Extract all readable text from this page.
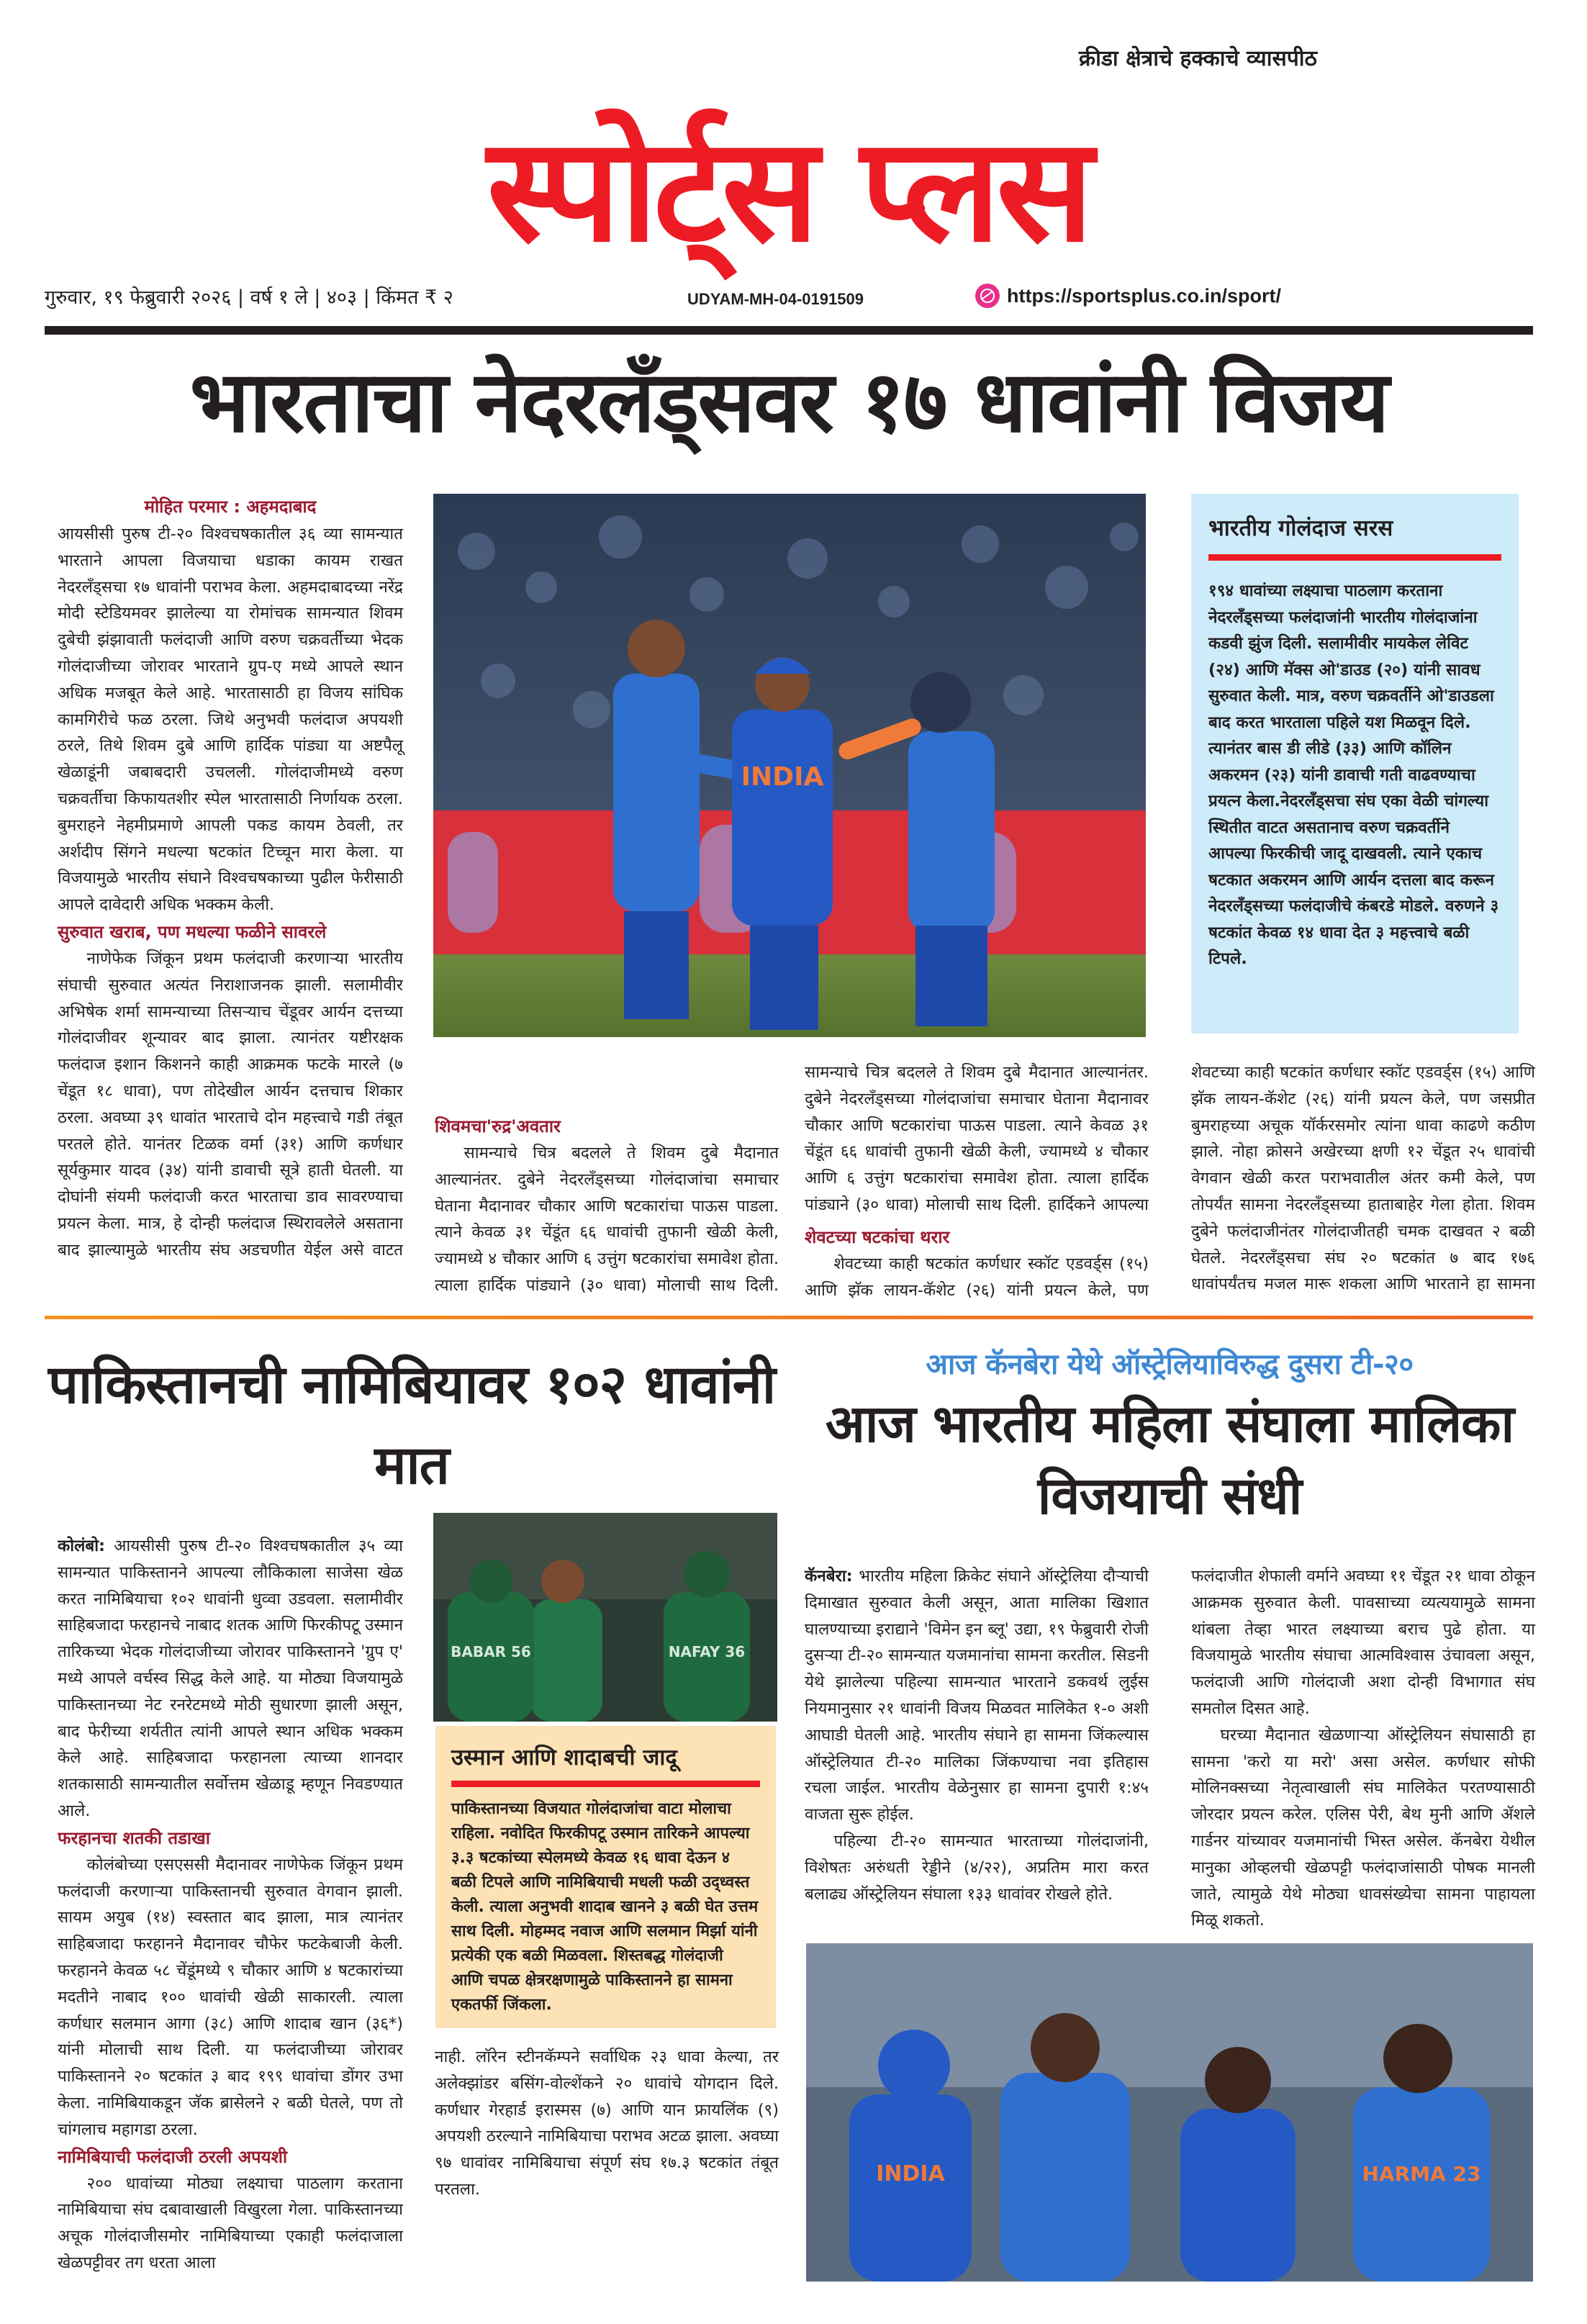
क्रीडा क्षेत्राचे हक्काचे व्यासपीठ
स्पोर्ट्स प्लस
गुरुवार, १९ फेब्रुवारी २०२६ | वर्ष १ ले | ४०३ | किंमत ₹ २	UDYAM-MH-04-0191509	https://sportsplus.co.in/sport/
भारताचा नेदरलँड्सवर १७ धावांनी विजय
मोहित परमार : अहमदाबाद

आयसीसी पुरुष टी-२० विश्वचषकातील ३६ व्या सामन्यात भारताने आपला विजयाचा धडाका कायम राखत नेदरलँड्सचा १७ धावांनी पराभव केला. अहमदाबादच्या नरेंद्र मोदी स्टेडियमवर झालेल्या या रोमांचक सामन्यात शिवम दुबेची झंझावाती फलंदाजी आणि वरुण चक्रवर्तीच्या भेदक गोलंदाजीच्या जोरावर भारताने ग्रुप-ए मध्ये आपले स्थान अधिक मजबूत केले आहे. भारतासाठी हा विजय सांघिक कामगिरीचे फळ ठरला. जिथे अनुभवी फलंदाज अपयशी ठरले, तिथे शिवम दुबे आणि हार्दिक पांड्या या अष्टपैलू खेळाडूंनी जबाबदारी उचलली. गोलंदाजीमध्ये वरुण चक्रवर्तीचा किफायतशीर स्पेल भारतासाठी निर्णायक ठरला. बुमराहने नेहमीप्रमाणे आपली पकड कायम ठेवली, तर अर्शदीप सिंगने मधल्या षटकांत टिच्चून मारा केला. या विजयामुळे भारतीय संघाने विश्वचषकाच्या पुढील फेरीसाठी आपले दावेदारी अधिक भक्कम केली.

सुरुवात खराब, पण मधल्या फळीने सावरले

नाणेफेक जिंकून प्रथम फलंदाजी करणाऱ्या भारतीय संघाची सुरुवात अत्यंत निराशाजनक झाली. सलामीवीर अभिषेक शर्मा सामन्याच्या तिसऱ्याच चेंडूवर आर्यन दत्तच्या गोलंदाजीवर शून्यावर बाद झाला. त्यानंतर यष्टीरक्षक फलंदाज इशान किशनने काही आक्रमक फटके मारले (७ चेंडूत १८ धावा), पण तोदेखील आर्यन दत्तचाच शिकार ठरला. अवघ्या ३९ धावांत भारताचे दोन महत्त्वाचे गडी तंबूत परतले होते. यानंतर टिळक वर्मा (३१) आणि कर्णधार सूर्यकुमार यादव (३४) यांनी डावाची सूत्रे हाती घेतली. या दोघांनी संयमी फलंदाजी करत भारताचा डाव सावरण्याचा प्रयत्न केला. मात्र, हे दोन्ही फलंदाज स्थिरावलेले असताना बाद झाल्यामुळे भारतीय संघ अडचणीत येईल असे वाटत

INDIA
भारतीय गोलंदाज सरस
१९४ धावांच्या लक्ष्याचा पाठलाग करताना नेदरलँड्सच्या फलंदाजांनी भारतीय गोलंदाजांना कडवी झुंज दिली. सलामीवीर मायकेल लेविट (२४) आणि मॅक्स ओ'डाउड (२०) यांनी सावध सुरुवात केली. मात्र, वरुण चक्रवर्तीने ओ'डाउडला बाद करत भारताला पहिले यश मिळवून दिले. त्यानंतर बास डी लीडे (३३) आणि कॉलिन अकरमन (२३) यांनी डावाची गती वाढवण्याचा प्रयत्न केला.नेदरलँड्सचा संघ एका वेळी चांगल्या स्थितीत वाटत असतानाच वरुण चक्रवर्तीने आपल्या फिरकीची जादू दाखवली. त्याने एकाच षटकात अकरमन आणि आर्यन दत्तला बाद करून नेदरलँड्सच्या फलंदाजीचे कंबरडे मोडले. वरुणने ३ षटकांत केवळ १४ धावा देत ३ महत्त्वाचे बळी टिपले.
शिवमचा'रुद्र'अवतार

सामन्याचे चित्र बदलले ते शिवम दुबे मैदानात आल्यानंतर. दुबेने नेदरलँड्सच्या गोलंदाजांचा समाचार घेताना मैदानावर चौकार आणि षटकारांचा पाऊस पाडला. त्याने केवळ ३१ चेंडूंत ६६ धावांची तुफानी खेळी केली, ज्यामध्ये ४ चौकार आणि ६ उत्तुंग षटकारांचा समावेश होता. त्याला हार्दिक पांड्याने (३० धावा) मोलाची साथ दिली.

सामन्याचे चित्र बदलले ते शिवम दुबे मैदानात आल्यानंतर. दुबेने नेदरलँड्सच्या गोलंदाजांचा समाचार घेताना मैदानावर चौकार आणि षटकारांचा पाऊस पाडला. त्याने केवळ ३१ चेंडूंत ६६ धावांची तुफानी खेळी केली, ज्यामध्ये ४ चौकार आणि ६ उत्तुंग षटकारांचा समावेश होता. त्याला हार्दिक पांड्याने (३० धावा) मोलाची साथ दिली. हार्दिकने आपल्या

शेवटच्या षटकांचा थरार

शेवटच्या काही षटकांत कर्णधार स्कॉट एडवर्ड्स (१५) आणि झॅक लायन-कॅशेट (२६) यांनी प्रयत्न केले, पण

शेवटच्या काही षटकांत कर्णधार स्कॉट एडवर्ड्स (१५) आणि झॅक लायन-कॅशेट (२६) यांनी प्रयत्न केले, पण जसप्रीत बुमराहच्या अचूक यॉर्करसमोर त्यांना धावा काढणे कठीण झाले. नोहा क्रोसने अखेरच्या क्षणी १२ चेंडूत २५ धावांची वेगवान खेळी करत पराभवातील अंतर कमी केले, पण तोपर्यंत सामना नेदरलँड्सच्या हाताबाहेर गेला होता. शिवम दुबेने फलंदाजीनंतर गोलंदाजीतही चमक दाखवत २ बळी घेतले. नेदरलँड्सचा संघ २० षटकांत ७ बाद १७६ धावांपर्यंतच मजल मारू शकला आणि भारताने हा सामना

पाकिस्तानची नामिबियावर १०२ धावांनी मात

कोलंबो: आयसीसी पुरुष टी-२० विश्वचषकातील ३५ व्या सामन्यात पाकिस्तानने आपल्या लौकिकाला साजेसा खेळ करत नामिबियाचा १०२ धावांनी धुव्वा उडवला. सलामीवीर साहिबजादा फरहानचे नाबाद शतक आणि फिरकीपटू उस्मान तारिकच्या भेदक गोलंदाजीच्या जोरावर पाकिस्तानने 'ग्रुप ए' मध्ये आपले वर्चस्व सिद्ध केले आहे. या मोठ्या विजयामुळे पाकिस्तानच्या नेट रनरेटमध्ये मोठी सुधारणा झाली असून, बाद फेरीच्या शर्यतीत त्यांनी आपले स्थान अधिक भक्कम केले आहे. साहिबजादा फरहानला त्याच्या शानदार शतकासाठी सामन्यातील सर्वोत्तम खेळाडू म्हणून निवडण्यात आले.

फरहानचा शतकी तडाखा

कोलंबोच्या एसएससी मैदानावर नाणेफेक जिंकून प्रथम फलंदाजी करणाऱ्या पाकिस्तानची सुरुवात वेगवान झाली. सायम अयुब (१४) स्वस्तात बाद झाला, मात्र त्यानंतर साहिबजादा फरहानने मैदानावर चौफेर फटकेबाजी केली. फरहानने केवळ ५८ चेंडूंमध्ये ९ चौकार आणि ४ षटकारांच्या मदतीने नाबाद १०० धावांची खेळी साकारली. त्याला कर्णधार सलमान आगा (३८) आणि शादाब खान (३६*) यांनी मोलाची साथ दिली. या फलंदाजीच्या जोरावर पाकिस्तानने २० षटकांत ३ बाद १९९ धावांचा डोंगर उभा केला. नामिबियाकडून जॅक ब्रासेलने २ बळी घेतले, पण तो चांगलाच महागडा ठरला.

नामिबियाची फलंदाजी ठरली अपयशी

२०० धावांच्या मोठ्या लक्ष्याचा पाठलाग करताना नामिबियाचा संघ दबावाखाली विखुरला गेला. पाकिस्तानच्या अचूक गोलंदाजीसमोर नामिबियाच्या एकाही फलंदाजाला खेळपट्टीवर तग धरता आला

BABAR 56	NAFAY 36
उस्मान आणि शादाबची जादू
पाकिस्तानच्या विजयात गोलंदाजांचा वाटा मोलाचा राहिला. नवोदित फिरकीपटू उस्मान तारिकने आपल्या ३.३ षटकांच्या स्पेलमध्ये केवळ १६ धावा देऊन ४ बळी टिपले आणि नामिबियाची मधली फळी उद्ध्वस्त केली. त्याला अनुभवी शादाब खानने ३ बळी घेत उत्तम साथ दिली. मोहम्मद नवाज आणि सलमान मिर्झा यांनी प्रत्येकी एक बळी मिळवला. शिस्तबद्ध गोलंदाजी आणि चपळ क्षेत्ररक्षणामुळे पाकिस्तानने हा सामना एकतर्फी जिंकला.

नाही. लॉरेन स्टीनकॅम्पने सर्वाधिक २३ धावा केल्या, तर अलेक्झांडर बसिंग-वोल्शेंकने २० धावांचे योगदान दिले. कर्णधार गेरहार्ड इरास्मस (७) आणि यान फ्रायलिंक (९) अपयशी ठरल्याने नामिबियाचा पराभव अटळ झाला. अवघ्या ९७ धावांवर नामिबियाचा संपूर्ण संघ १७.३ षटकांत तंबूत परतला.

आज कॅनबेरा येथे ऑस्ट्रेलियाविरुद्ध दुसरा टी-२०
आज भारतीय महिला संघाला मालिका विजयाची संधी

कॅनबेरा: भारतीय महिला क्रिकेट संघाने ऑस्ट्रेलिया दौऱ्याची दिमाखात सुरुवात केली असून, आता मालिका खिशात घालण्याच्या इराद्याने 'विमेन इन ब्लू' उद्या, १९ फेब्रुवारी रोजी दुसऱ्या टी-२० सामन्यात यजमानांचा सामना करतील. सिडनी येथे झालेल्या पहिल्या सामन्यात भारताने डकवर्थ लुईस नियमानुसार २१ धावांनी विजय मिळवत मालिकेत १-० अशी आघाडी घेतली आहे. भारतीय संघाने हा सामना जिंकल्यास ऑस्ट्रेलियात टी-२० मालिका जिंकण्याचा नवा इतिहास रचला जाईल. भारतीय वेळेनुसार हा सामना दुपारी १:४५ वाजता सुरू होईल.

पहिल्या टी-२० सामन्यात भारताच्या गोलंदाजांनी, विशेषतः अरुंधती रेड्डीने (४/२२), अप्रतिम मारा करत बलाढ्य ऑस्ट्रेलियन संघाला १३३ धावांवर रोखले होते.

फलंदाजीत शेफाली वर्माने अवघ्या ११ चेंडूत २१ धावा ठोकून आक्रमक सुरुवात केली. पावसाच्या व्यत्ययामुळे सामना थांबला तेव्हा भारत लक्ष्याच्या बराच पुढे होता. या विजयामुळे भारतीय संघाचा आत्मविश्वास उंचावला असून, फलंदाजी आणि गोलंदाजी अशा दोन्ही विभागात संघ समतोल दिसत आहे.

घरच्या मैदानात खेळणाऱ्या ऑस्ट्रेलियन संघासाठी हा सामना 'करो या मरो' असा असेल. कर्णधार सोफी मोलिनक्सच्या नेतृत्वाखाली संघ मालिकेत परतण्यासाठी जोरदार प्रयत्न करेल. एलिस पेरी, बेथ मुनी आणि ॲशले गार्डनर यांच्यावर यजमानांची भिस्त असेल. कॅनबेरा येथील मानुका ओव्हलची खेळपट्टी फलंदाजांसाठी पोषक मानली जाते, त्यामुळे येथे मोठ्या धावसंख्येचा सामना पाहायला मिळू शकतो.

INDIA	HARMA 23
